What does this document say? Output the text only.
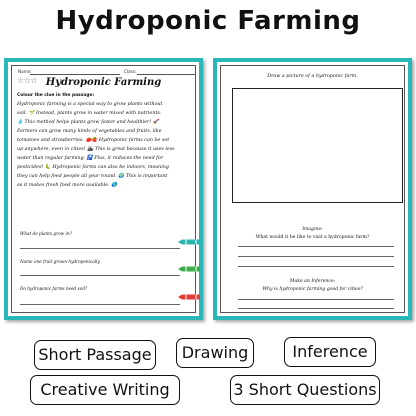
Hydroponic Farming
Name:	Class:
☆☆☆ Hydroponic Farming
Colour the clue in the passage:
Hydroponic farming is a special way to grow plants without
soil. 🌱 Instead, plants grow in water mixed with nutrients.
💧 This method helps plants grow faster and healthier! 🚀
Farmers can grow many kinds of vegetables and fruits, like
tomatoes and strawberries. 🍅🍓 Hydroponic farms can be set
up anywhere, even in cities! 🏙 This is great because it uses less
water than regular farming. 🚰 Plus, it reduces the need for
pesticides! 🐛 Hydroponic farms can also be indoors, meaning
they can help feed people all year round. 🌍 This is important
as it makes fresh food more available. 🌎
What do plants grow in?
Name one fruit grown hydroponically.
Do hydroponic farms need soil?
Draw a picture of a hydroponic farm.
Imagine:
What would it be like to visit a hydroponic farm?
Make an Inference:
Why is hydroponic farming good for cities?
Short Passage	Drawing	Inference
Creative Writing	3 Short Questions
